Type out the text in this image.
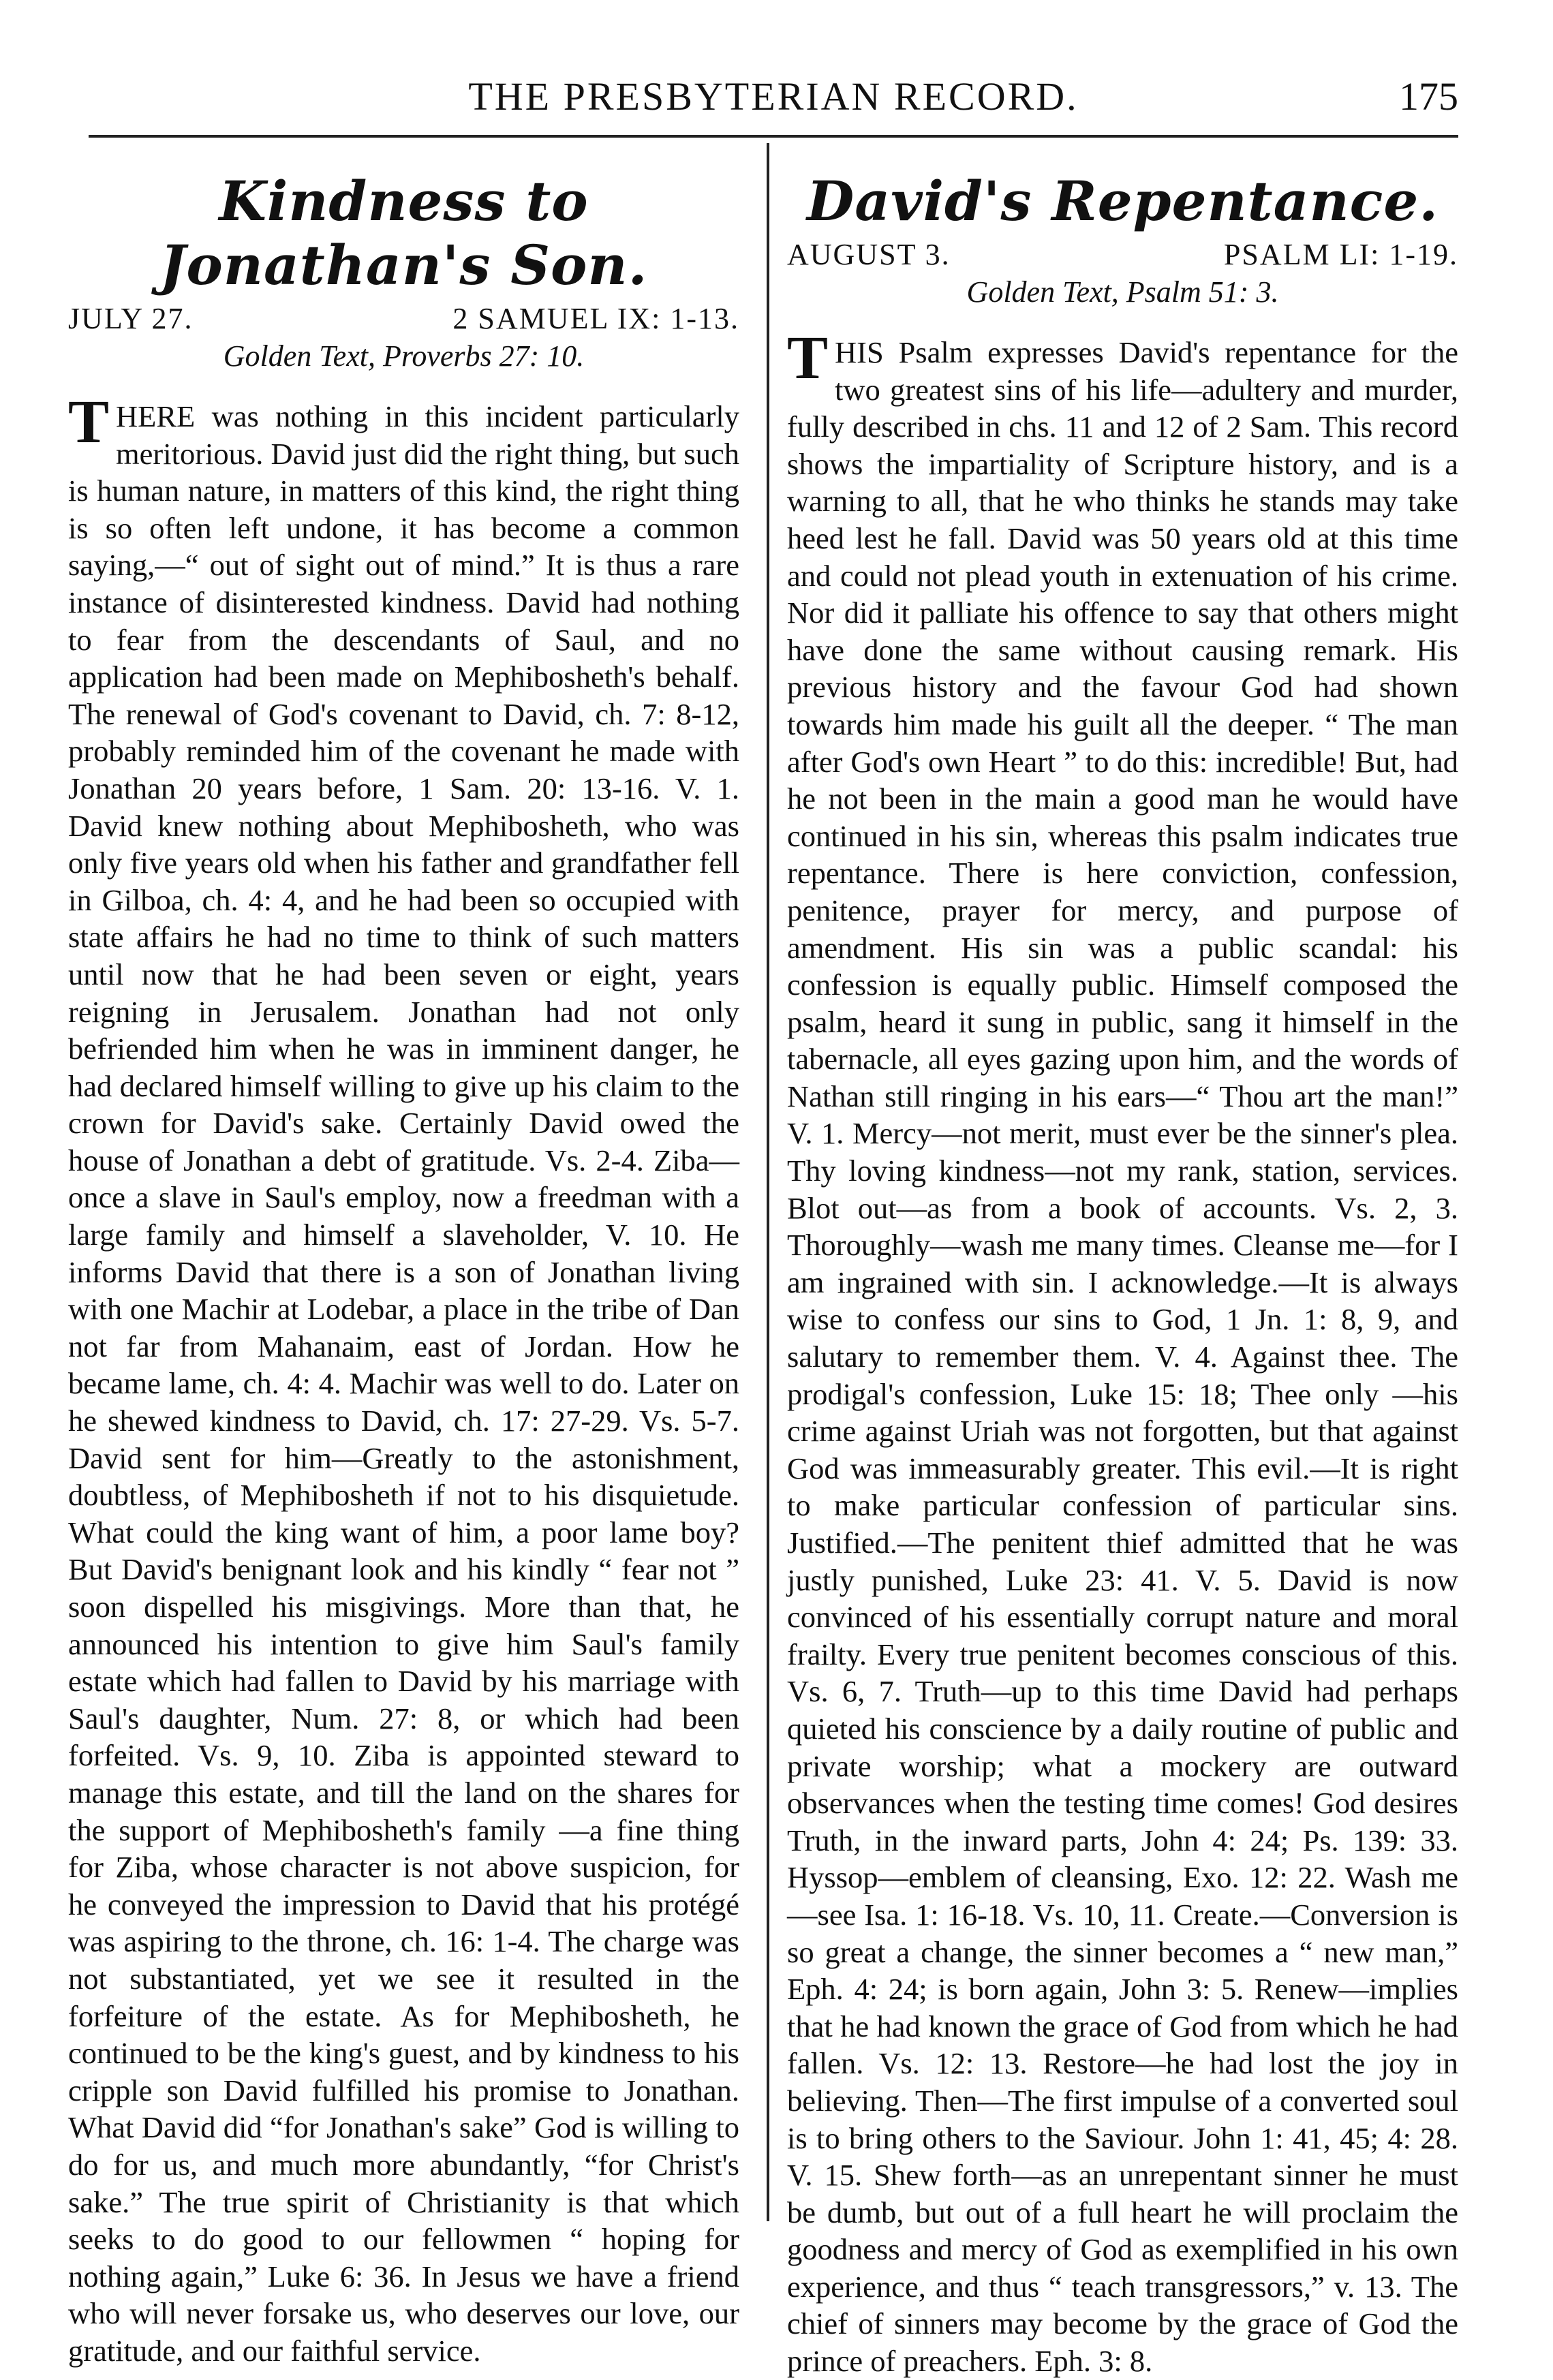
THE PRESBYTERIAN RECORD.	175
Kindness to Jonathan's Son.
JULY 27.	2 SAMUEL IX: 1-13.
Golden Text, Proverbs 27: 10.

THERE was nothing in this incident particularly meritorious. David just did the right thing, but such is human nature, in matters of this kind, the right thing is so often left undone, it has become a common saying,—“ out of sight out of mind.” It is thus a rare instance of disinterested kindness. David had nothing to fear from the descendants of Saul, and no application had been made on Mephibosheth's behalf. The renewal of God's covenant to David, ch. 7: 8-12, probably reminded him of the covenant he made with Jonathan 20 years before, 1 Sam. 20: 13-16. V. 1. David knew nothing about Mephibosheth, who was only five years old when his father and grandfather fell in Gilboa, ch. 4: 4, and he had been so occupied with state affairs he had no time to think of such matters until now that he had been seven or eight, years reigning in Jerusalem. Jonathan had not only befriended him when he was in imminent danger, he had declared himself willing to give up his claim to the crown for David's sake. Certainly David owed the house of Jonathan a debt of gratitude. Vs. 2-4. Ziba—once a slave in Saul's employ, now a freedman with a large family and himself a slaveholder, V. 10. He informs David that there is a son of Jonathan living with one Machir at Lodebar, a place in the tribe of Dan not far from Mahanaim, east of Jordan. How he became lame, ch. 4: 4. Machir was well to do. Later on he shewed kindness to David, ch. 17: 27-29. Vs. 5-7. David sent for him—Greatly to the astonishment, doubtless, of Mephibosheth if not to his disquietude. What could the king want of him, a poor lame boy? But David's benignant look and his kindly “ fear not ” soon dispelled his misgivings. More than that, he announced his intention to give him Saul's family estate which had fallen to David by his marriage with Saul's daughter, Num. 27: 8, or which had been forfeited. Vs. 9, 10. Ziba is appointed steward to manage this estate, and till the land on the shares for the support of Mephibosheth's family —a fine thing for Ziba, whose character is not above suspicion, for he conveyed the impression to David that his protégé was aspiring to the throne, ch. 16: 1-4. The charge was not substantiated, yet we see it resulted in the forfeiture of the estate. As for Mephibosheth, he continued to be the king's guest, and by kindness to his cripple son David fulfilled his promise to Jonathan. What David did “for Jonathan's sake” God is willing to do for us, and much more abundantly, “for Christ's sake.” The true spirit of Christianity is that which seeks to do good to our fellowmen “ hoping for nothing again,” Luke 6: 36. In Jesus we have a friend who will never forsake us, who deserves our love, our gratitude, and our faithful service.

David's Repentance.
AUGUST 3.	PSALM LI: 1-19.
Golden Text, Psalm 51: 3.

THIS Psalm expresses David's repentance for the two greatest sins of his life—adultery and murder, fully described in chs. 11 and 12 of 2 Sam. This record shows the impartiality of Scripture history, and is a warning to all, that he who thinks he stands may take heed lest he fall. David was 50 years old at this time and could not plead youth in extenuation of his crime. Nor did it palliate his offence to say that others might have done the same without causing remark. His previous history and the favour God had shown towards him made his guilt all the deeper. “ The man after God's own Heart ” to do this: incredible! But, had he not been in the main a good man he would have continued in his sin, whereas this psalm indicates true repentance. There is here conviction, confession, penitence, prayer for mercy, and purpose of amendment. His sin was a public scandal: his confession is equally public. Himself composed the psalm, heard it sung in public, sang it himself in the tabernacle, all eyes gazing upon him, and the words of Nathan still ringing in his ears—“ Thou art the man!” V. 1. Mercy—not merit, must ever be the sinner's plea. Thy loving kindness—not my rank, station, services. Blot out—as from a book of accounts. Vs. 2, 3. Thoroughly—wash me many times. Cleanse me—for I am ingrained with sin. I acknowledge.—It is always wise to confess our sins to God, 1 Jn. 1: 8, 9, and salutary to remember them. V. 4. Against thee. The prodigal's confession, Luke 15: 18; Thee only —his crime against Uriah was not forgotten, but that against God was immeasurably greater. This evil.—It is right to make particular confession of particular sins. Justified.—The penitent thief admitted that he was justly punished, Luke 23: 41. V. 5. David is now convinced of his essentially corrupt nature and moral frailty. Every true penitent becomes conscious of this. Vs. 6, 7. Truth—up to this time David had perhaps quieted his conscience by a daily routine of public and private worship; what a mockery are outward observances when the testing time comes! God desires Truth, in the inward parts, John 4: 24; Ps. 139: 33. Hyssop—emblem of cleansing, Exo. 12: 22. Wash me—see Isa. 1: 16-18. Vs. 10, 11. Create.—Conversion is so great a change, the sinner becomes a “ new man,” Eph. 4: 24; is born again, John 3: 5. Renew—implies that he had known the grace of God from which he had fallen. Vs. 12: 13. Restore—he had lost the joy in believing. Then—The first impulse of a converted soul is to bring others to the Saviour. John 1: 41, 45; 4: 28. V. 15. Shew forth—as an unrepentant sinner he must be dumb, but out of a full heart he will proclaim the goodness and mercy of God as exemplified in his own experience, and thus “ teach transgressors,” v. 13. The chief of sinners may become by the grace of God the prince of preachers. Eph. 3: 8.
